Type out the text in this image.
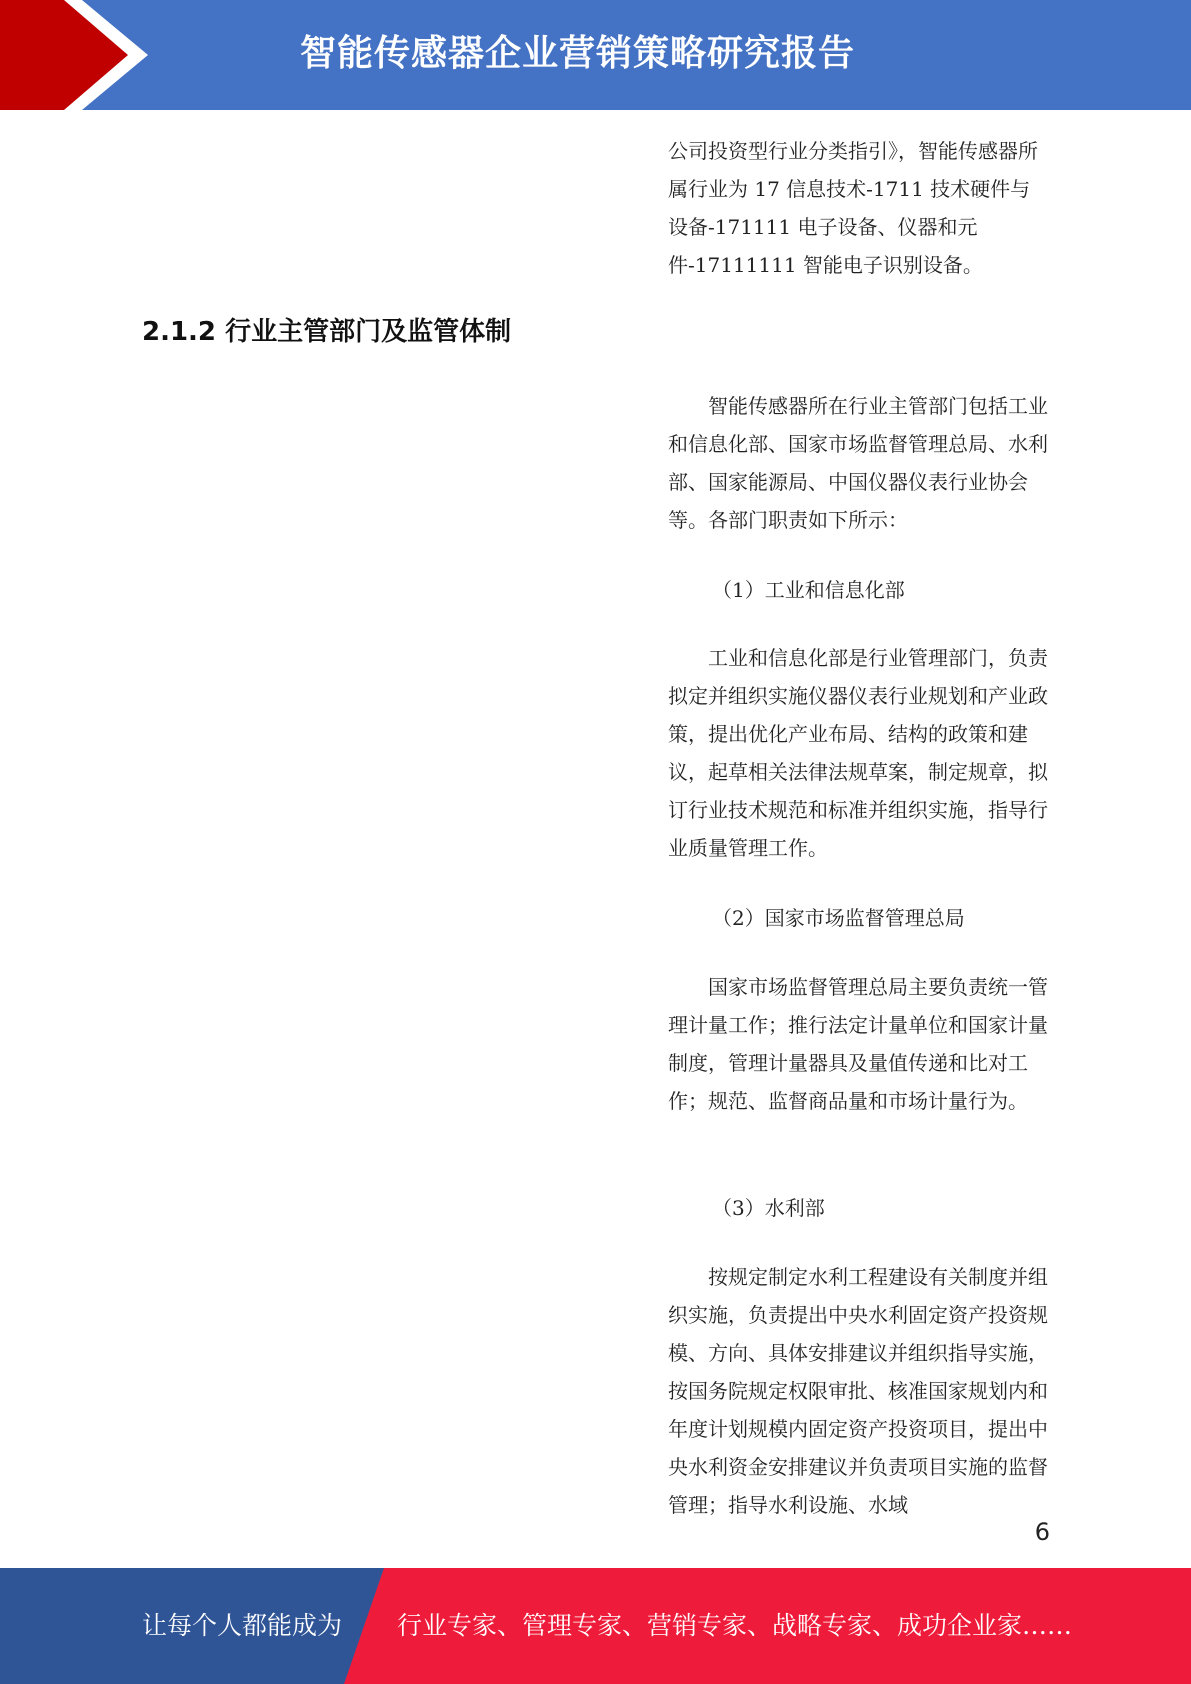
智能传感器企业营销策略研究报告

公司投资型行业分类指引》，智能传感器所属行业为 17 信息技术-1711 技术硬件与设备-171111 电子设备、仪器和元件-17111111 智能电子识别设备。

2.1.2 行业主管部门及监管体制

智能传感器所在行业主管部门包括工业和信息化部、国家市场监督管理总局、水利部、国家能源局、中国仪器仪表行业协会等。各部门职责如下所示：

（1）工业和信息化部

工业和信息化部是行业管理部门，负责拟定并组织实施仪器仪表行业规划和产业政策，提出优化产业布局、结构的政策和建议，起草相关法律法规草案，制定规章，拟订行业技术规范和标准并组织实施，指导行业质量管理工作。

（2）国家市场监督管理总局

国家市场监督管理总局主要负责统一管理计量工作；推行法定计量单位和国家计量制度，管理计量器具及量值传递和比对工作；规范、监督商品量和市场计量行为。

（3）水利部

按规定制定水利工程建设有关制度并组织实施，负责提出中央水利固定资产投资规模、方向、具体安排建议并组织指导实施，按国务院规定权限审批、核准国家规划内和年度计划规模内固定资产投资项目，提出中央水利资金安排建议并负责项目实施的监督管理；指导水利设施、水域

6
让每个人都能成为 行业专家、管理专家、营销专家、战略专家、成功企业家……
